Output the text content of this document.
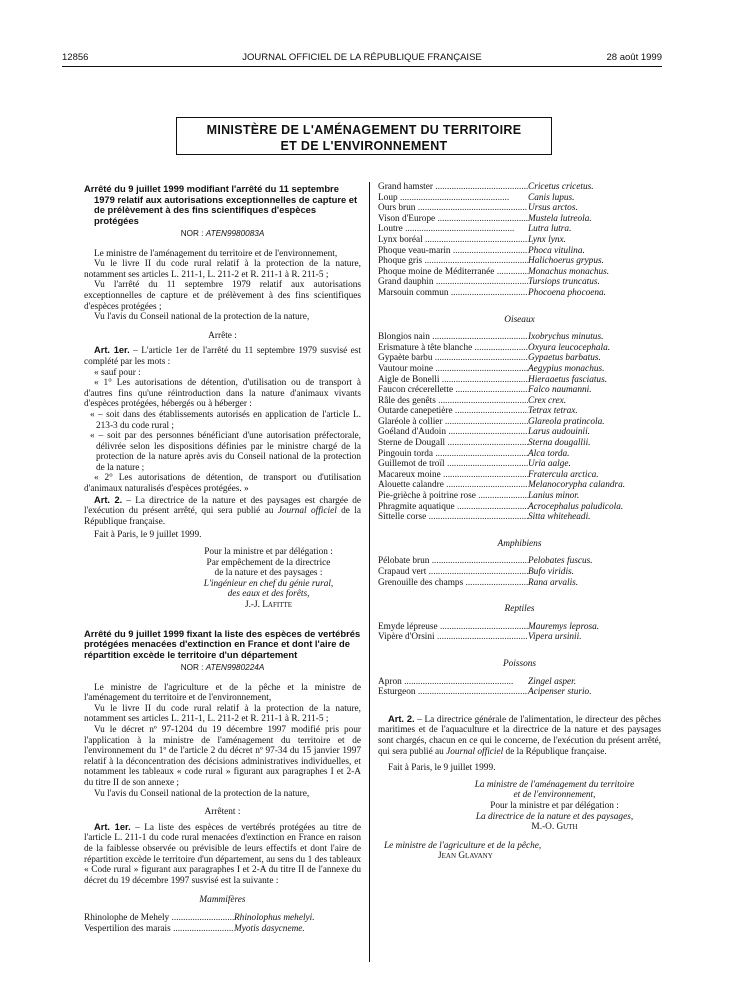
12856	JOURNAL OFFICIEL DE LA RÉPUBLIQUE FRANÇAISE	28 août 1999
MINISTÈRE DE L'AMÉNAGEMENT DU TERRITOIRE
ET DE L'ENVIRONNEMENT
Arrêté du 9 juillet 1999 modifiant l'arrêté du 11 septembre
1979 relatif aux autorisations exceptionnelles de capture et de prélèvement à des fins scientifiques d'espèces protégées
NOR : ATEN9980083A

Le ministre de l'aménagement du territoire et de l'environnement,

Vu le livre II du code rural relatif à la protection de la nature, notamment ses articles L. 211-1, L. 211-2 et R. 211-1 à R. 211-5 ;

Vu l'arrêté du 11 septembre 1979 relatif aux autorisations exceptionnelles de capture et de prélèvement à des fins scientifiques d'espèces protégées ;

Vu l'avis du Conseil national de la protection de la nature,

Arrête :

Art. 1er. – L'article 1er de l'arrêté du 11 septembre 1979 susvisé est complété par les mots :

« sauf pour :

« 1° Les autorisations de détention, d'utilisation ou de transport à d'autres fins qu'une réintroduction dans la nature d'animaux vivants d'espèces protégées, hébergés ou à héberger :

« – soit dans des établissements autorisés en application de l'article L. 213-3 du code rural ;

« – soit par des personnes bénéficiant d'une autorisation préfectorale, délivrée selon les dispositions définies par le ministre chargé de la protection de la nature après avis du Conseil national de la protection de la nature ;

« 2° Les autorisations de détention, de transport ou d'utilisation d'animaux naturalisés d'espèces protégées. »

Art. 2. – La directrice de la nature et des paysages est chargée de l'exécution du présent arrêté, qui sera publié au Journal officiel de la République française.

Fait à Paris, le 9 juillet 1999.

Pour la ministre et par délégation :
Par empêchement de la directrice
de la nature et des paysages :
L'ingénieur en chef du génie rural,
des eaux et des forêts,
J.-J. Lafitte
Arrêté du 9 juillet 1999 fixant la liste des espèces de vertébrés protégées menacées d'extinction en France et dont l'aire de répartition excède le territoire d'un département
NOR : ATEN9980224A

Le ministre de l'agriculture et de la pêche et la ministre de l'aménagement du territoire et de l'environnement,

Vu le livre II du code rural relatif à la protection de la nature, notamment ses articles L. 211-1, L. 211-2 et R. 211-1 à R. 211-5 ;

Vu le décret nº 97-1204 du 19 décembre 1997 modifié pris pour l'application à la ministre de l'aménagement du territoire et de l'environnement du 1º de l'article 2 du décret nº 97-34 du 15 janvier 1997 relatif à la déconcentration des décisions administratives individuelles, et notamment les tableaux « code rural » figurant aux paragraphes I et 2-A du titre II de son annexe ;

Vu l'avis du Conseil national de la protection de la nature,

Arrêtent :

Art. 1er. – La liste des espèces de vertébrés protégées au titre de l'article L. 211-1 du code rural menacées d'extinction en France en raison de la faiblesse observée ou prévisible de leurs effectifs et dont l'aire de répartition excède le territoire d'un département, au sens du 1 des tableaux « Code rural » figurant aux paragraphes I et 2-A du titre II de l'annexe du décret du 19 décembre 1997 susvisé est la suivante :

Mammifères
Rhinolophe de Mehely .....	Rhinolophus mehelyi.
Vespertilion des marais .....	Myotis dasycneme.
Grand hamster .....	Cricetus cricetus.
Loup .....	Canis lupus.
Ours brun .....	Ursus arctos.
Vison d'Europe .....	Mustela lutreola.
Loutre .....	Lutra lutra.
Lynx boréal .....	Lynx lynx.
Phoque veau-marin .....	Phoca vitulina.
Phoque gris .....	Halichoerus grypus.
Phoque moine de Méditerranée .....	Monachus monachus.
Grand dauphin .....	Tursiops truncatus.
Marsouin commun .....	Phocoena phocoena.
Oiseaux
Blongios nain .....	Ixobrychus minutus.
Erismature à tête blanche .....	Oxyura leucocephala.
Gypaète barbu .....	Gypaetus barbatus.
Vautour moine .....	Aegypius monachus.
Aigle de Bonelli .....	Hieraaetus fasciatus.
Faucon crécerellette .....	Falco naumanni.
Râle des genêts .....	Crex crex.
Outarde canepetière .....	Tetrax tetrax.
Glaréole à collier .....	Glareola pratincola.
Goéland d'Audoin .....	Larus audouinii.
Sterne de Dougall .....	Sterna dougallii.
Pingouin torda .....	Alca torda.
Guillemot de troïl .....	Uria aalge.
Macareux moine .....	Fratercula arctica.
Alouette calandre .....	Melanocorypha calandra.
Pie-grièche à poitrine rose .....	Lanius minor.
Phragmite aquatique .....	Acrocephalus paludicola.
Sittelle corse .....	Sitta whiteheadi.
Amphibiens
Pélobate brun .....	Pelobates fuscus.
Crapaud vert .....	Bufo viridis.
Grenouille des champs .....	Rana arvalis.
Reptiles
Emyde lépreuse .....	Mauremys leprosa.
Vipère d'Orsini .....	Vipera ursinii.
Poissons
Apron .....	Zingel asper.
Esturgeon .....	Acipenser sturio.

Art. 2. – La directrice générale de l'alimentation, le directeur des pêches maritimes et de l'aquaculture et la directrice de la nature et des paysages sont chargés, chacun en ce qui le concerne, de l'exécution du présent arrêté, qui sera publié au Journal officiel de la République française.

Fait à Paris, le 9 juillet 1999.

La ministre de l'aménagement du territoire
et de l'environnement,
Pour la ministre et par délégation :
La directrice de la nature et des paysages,
M.-O. Guth
Le ministre de l'agriculture et de la pêche,
Jean Glavany
